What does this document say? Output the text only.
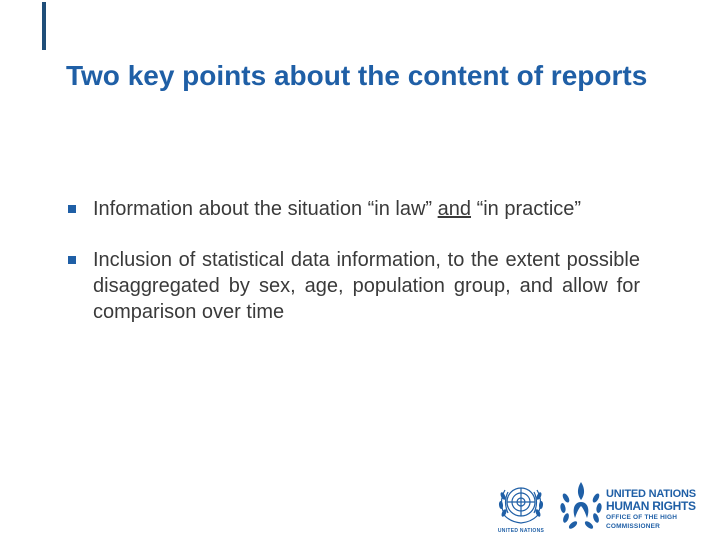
Two key points about the content of reports
Information about the situation “in law” and “in practice”
Inclusion of statistical data information, to the extent possible disaggregated by sex, age, population group, and allow for comparison over time
UNITED NATIONS
UNITED NATIONS
HUMAN RIGHTS
OFFICE OF THE HIGH COMMISSIONER
